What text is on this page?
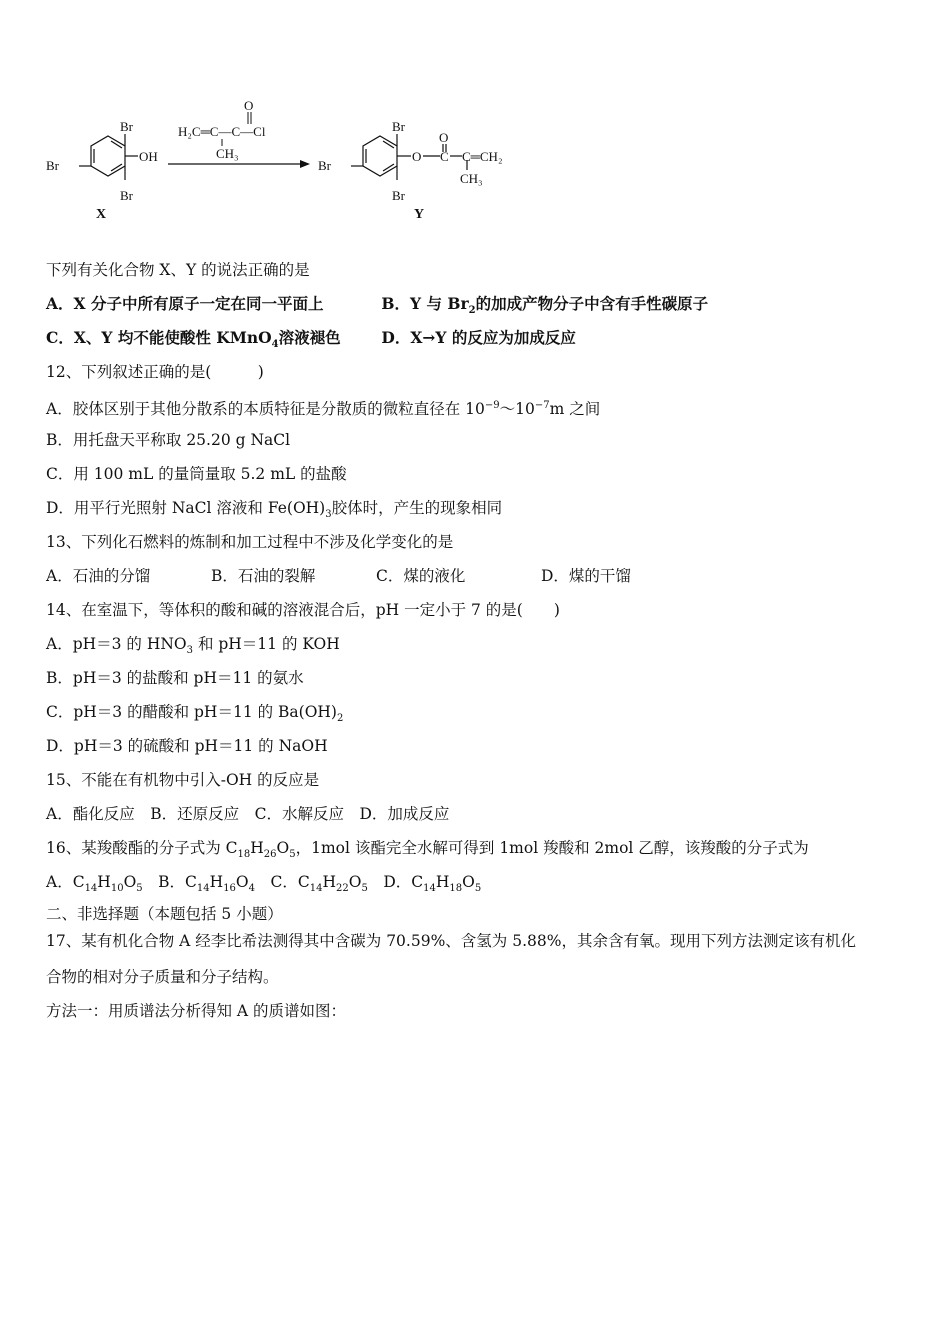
Br
Br
OH
Br
X
O
H₂C═C—C—Cl
CH₃
Br
Br
O
O
C C═CH₂
CH₃
Br
Y
下列有关化合物 X、Y 的说法正确的是
A．X 分子中所有原子一定在同一平面上	B．Y 与 $Br_2$的加成产物分子中含有手性碳原子
C．X、Y 均不能使酸性 KMnO$_4$溶液褪色	D．X→Y 的反应为加成反应
12、下列叙述正确的是(　　　)
A．胶体区别于其他分散系的本质特征是分散质的微粒直径在 $10^{-9}\sim 10^{-7}m$ 之间
B．用托盘天平称取 25.20 g NaCl
C．用 100 mL 的量筒量取 5.2 mL 的盐酸
D．用平行光照射 NaCl 溶液和 $Fe(OH)_3$胶体时，产生的现象相同
13、下列化石燃料的炼制和加工过程中不涉及化学变化的是
A．石油的分馏	B．石油的裂解	C．煤的液化	D．煤的干馏
14、在室温下，等体积的酸和碱的溶液混合后，pH 一定小于 7 的是(　　)
A．pH＝3 的 $HNO_3$ 和 pH＝11 的 KOH
B．pH＝3 的盐酸和 pH＝11 的氨水
C．pH＝3 的醋酸和 pH＝11 的 $Ba(OH)_2$
D．pH＝3 的硫酸和 pH＝11 的 NaOH
15、不能在有机物中引入-OH 的反应是
A．酯化反应　B．还原反应　C．水解反应　D．加成反应
16、某羧酸酯的分子式为 $C_{18}H_{26}O_5$，1mol 该酯完全水解可得到 1mol 羧酸和 2mol 乙醇，该羧酸的分子式为
A．$C_{14}H_{10}O_5$　B．$C_{14}H_{16}O_4$　C．$C_{14}H_{22}O_5$　D．$C_{14}H_{18}O_5$
二、非选择题（本题包括 5 小题）
17、某有机化合物 A 经李比希法测得其中含碳为 70.59%、含氢为 5.88%，其余含有氧。现用下列方法测定该有机化
合物的相对分子质量和分子结构。
方法一：用质谱法分析得知 A 的质谱如图：
